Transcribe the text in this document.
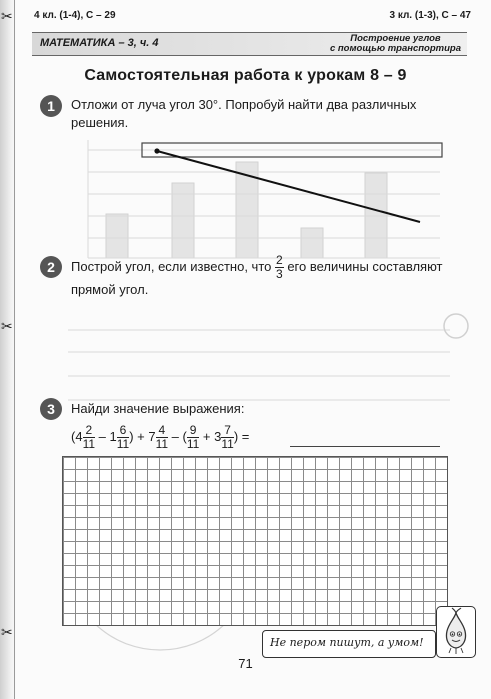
✂
✂
✂
4 кл. (1-4), С – 29	3 кл. (1-3), С – 47
МАТЕМАТИКА – 3, ч. 4	Построение углов
с помощью транспортира
Самостоятельная работа к урокам 8 – 9
1	Отложи от луча угол 30°. Попробуй найти два различных
решения.
2	Построй угол, если известно, что $\frac{2}{3}$ его величины составляют
прямой угол.
3	Найди значение выражения:
($4 \frac{2}{11} - 1 \frac{6}{11}$ ) + $7 \frac{4}{11}$ – ( $\frac{9}{11} + 3 \frac{7}{11}$ ) =
Не пером пишут, а умом!
71
